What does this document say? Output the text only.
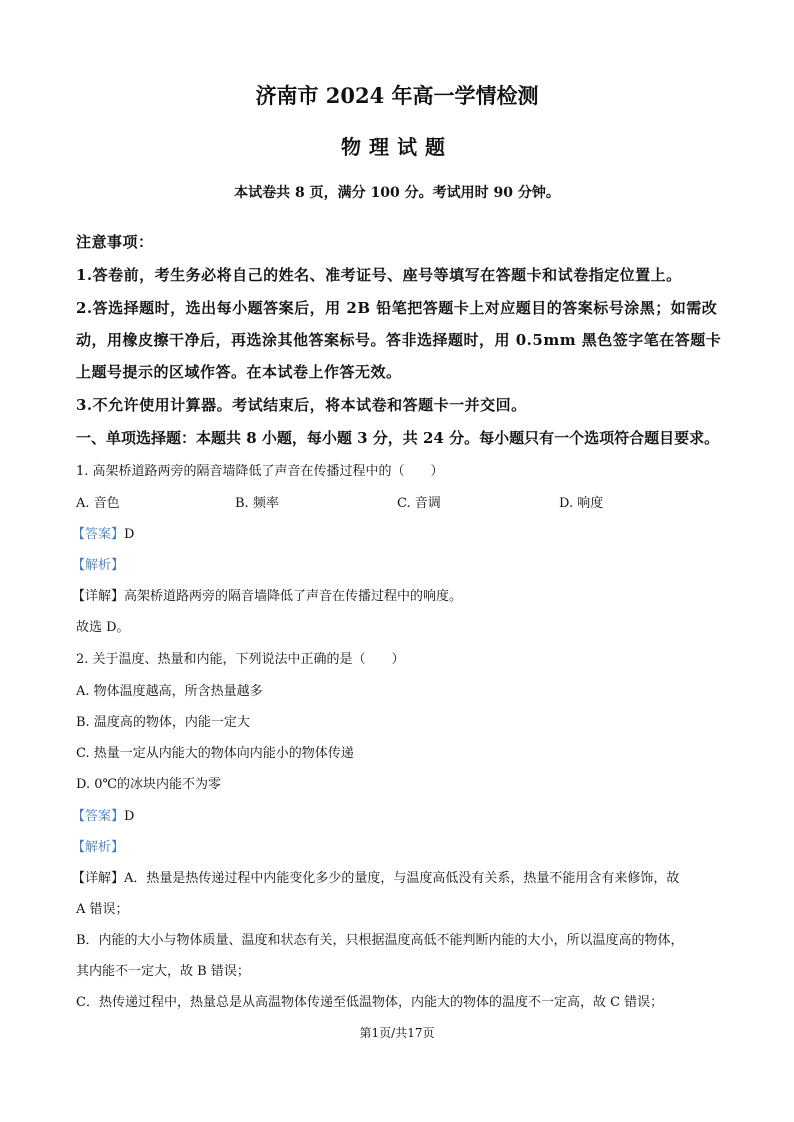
济南市 2024 年高一学情检测
物理试题
本试卷共 8 页，满分 100 分。考试用时 90 分钟。
注意事项：
1.答卷前，考生务必将自己的姓名、准考证号、座号等填写在答题卡和试卷指定位置上。
2.答选择题时，选出每小题答案后，用 2B 铅笔把答题卡上对应题目的答案标号涂黑；如需改
动，用橡皮擦干净后，再选涂其他答案标号。答非选择题时，用 0.5mm 黑色签字笔在答题卡
上题号提示的区域作答。在本试卷上作答无效。
3.不允许使用计算器。考试结束后，将本试卷和答题卡一并交回。
一、单项选择题：本题共 8 小题，每小题 3 分，共 24 分。每小题只有一个选项符合题目要求。
1. 高架桥道路两旁的隔音墙降低了声音在传播过程中的（　　）
A. 音色	B. 频率	C. 音调	D. 响度
【答案】D
【解析】
【详解】高架桥道路两旁的隔音墙降低了声音在传播过程中的响度。
故选 D。
2. 关于温度、热量和内能，下列说法中正确的是（　　）
A. 物体温度越高，所含热量越多
B. 温度高的物体，内能一定大
C. 热量一定从内能大的物体向内能小的物体传递
D. 0℃的冰块内能不为零
【答案】D
【解析】
【详解】A．热量是热传递过程中内能变化多少的量度，与温度高低没有关系，热量不能用含有来修饰，故
A 错误；
B．内能的大小与物体质量、温度和状态有关，只根据温度高低不能判断内能的大小，所以温度高的物体，
其内能不一定大，故 B 错误；
C．热传递过程中，热量总是从高温物体传递至低温物体，内能大的物体的温度不一定高，故 C 错误；
第1页/共17页
